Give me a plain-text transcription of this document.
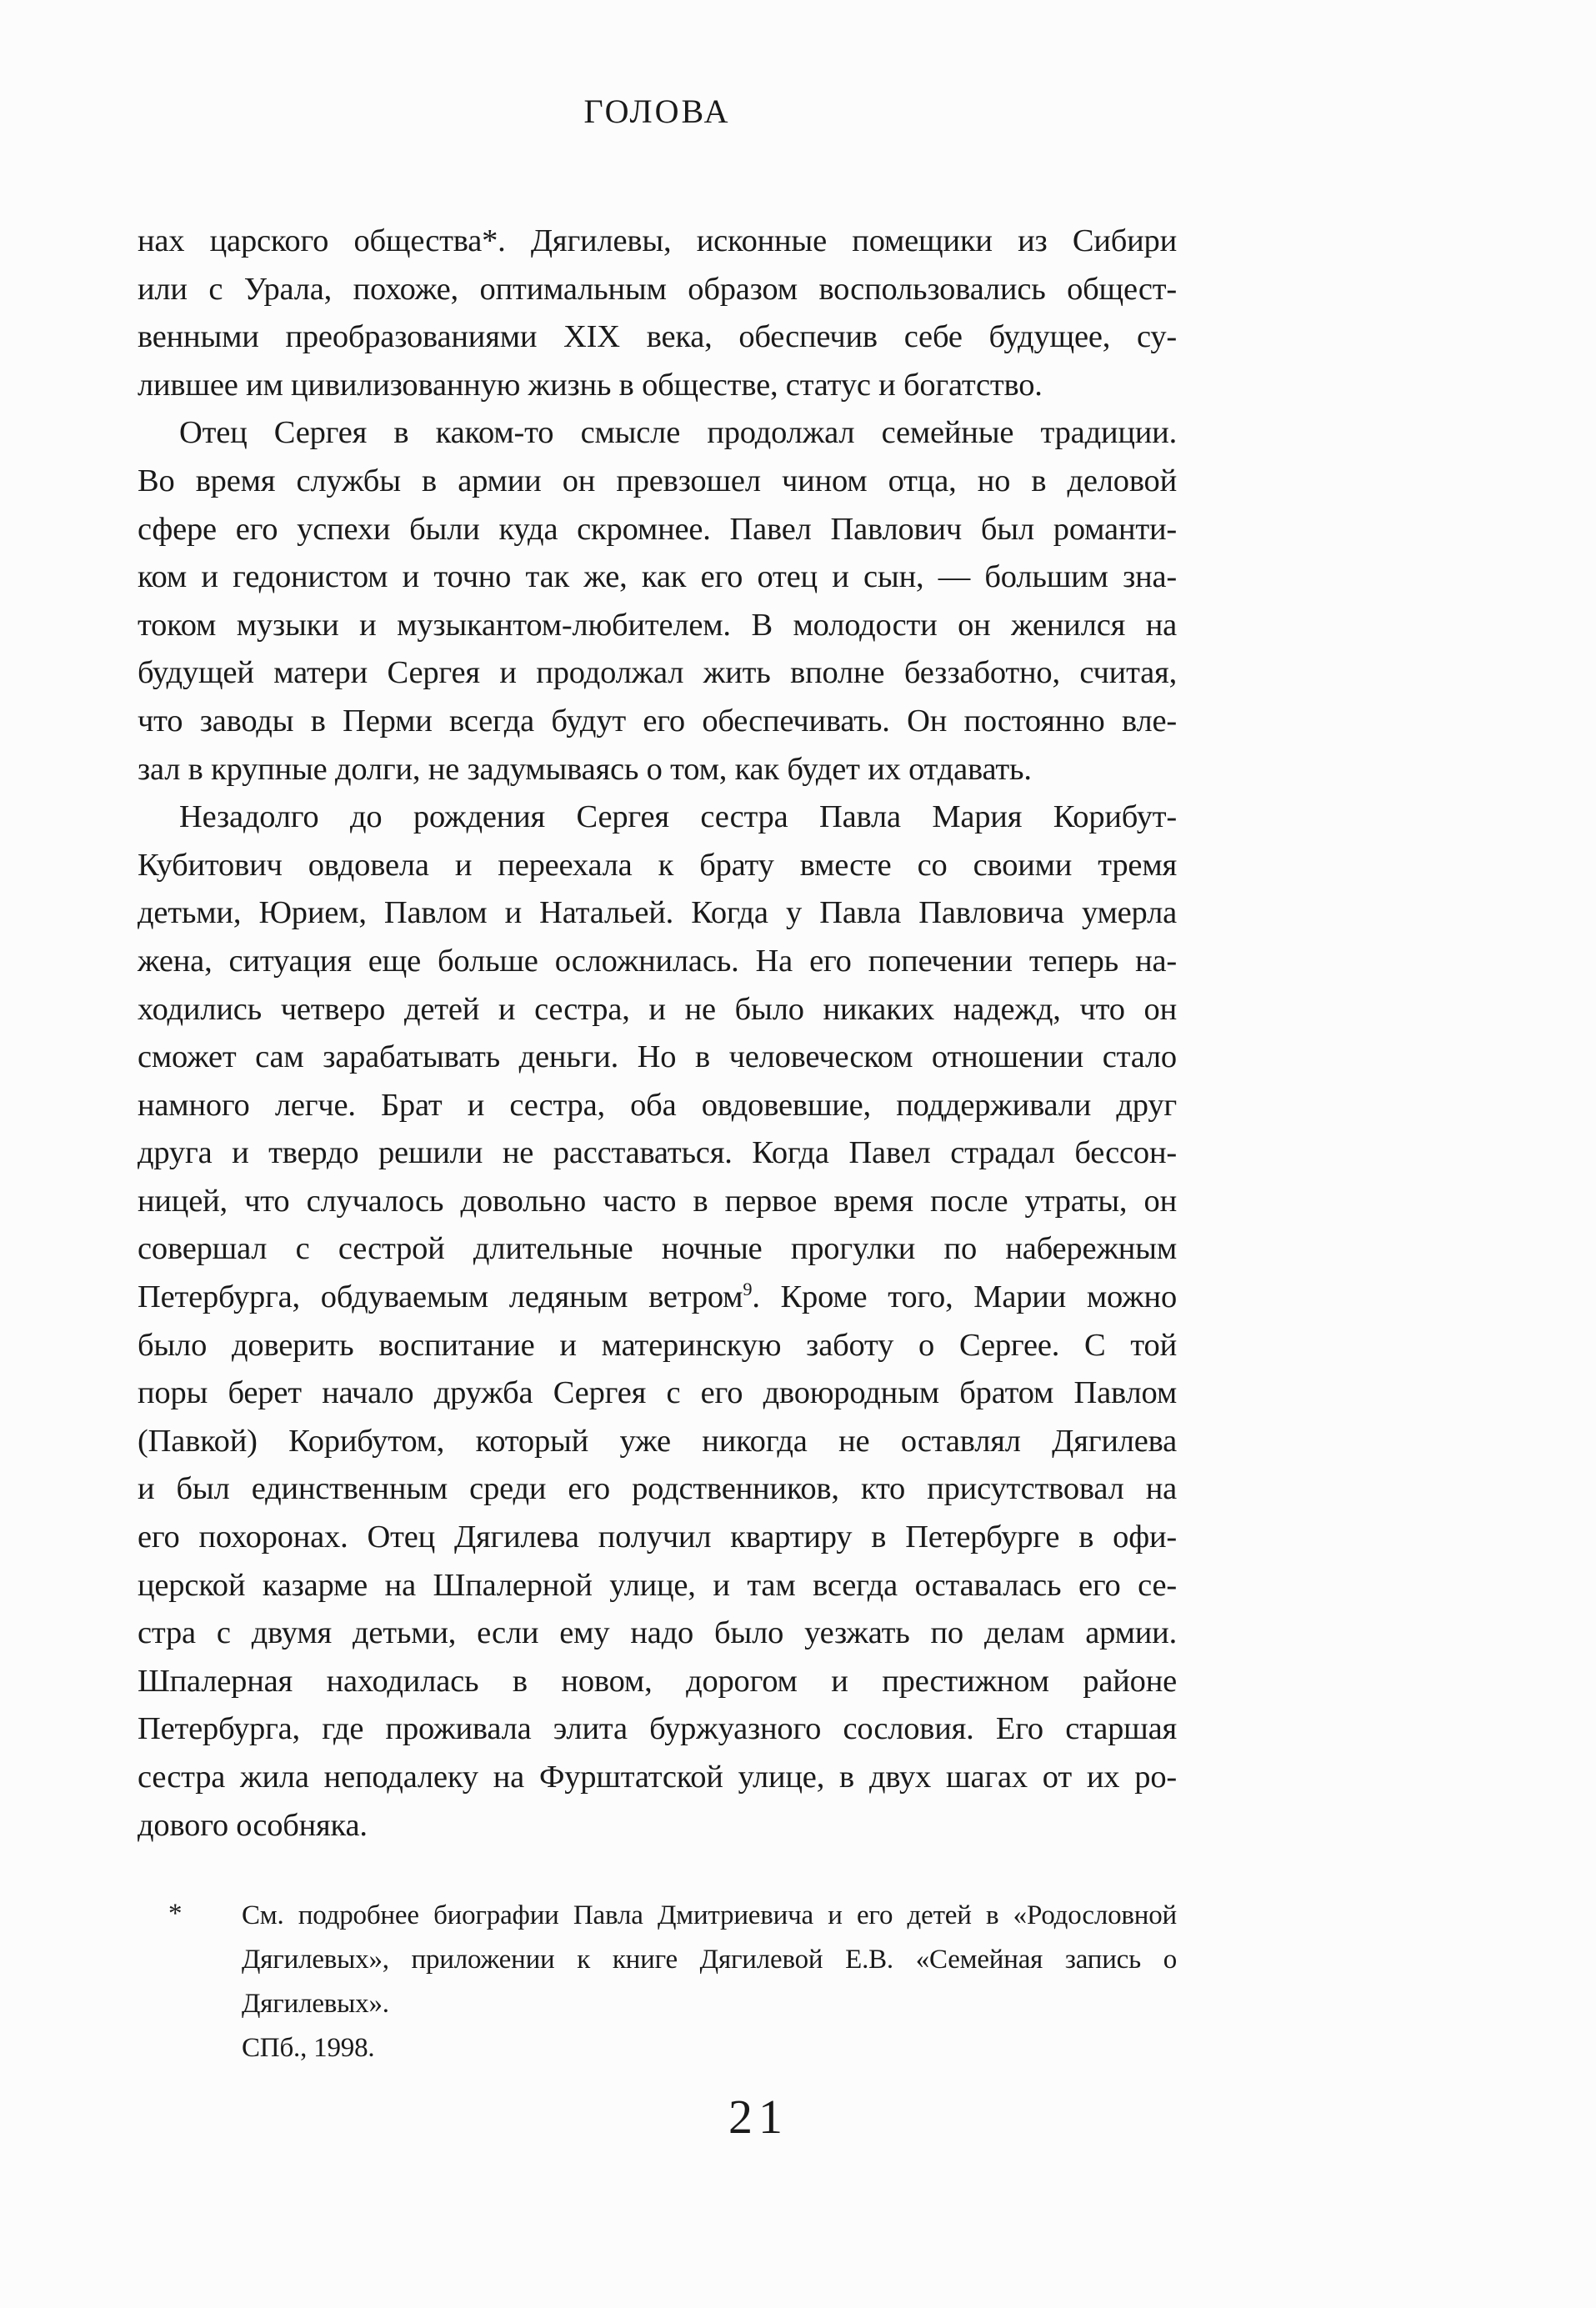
ГОЛОВА
нах царского общества*. Дягилевы, исконные помещики из Сибири
или с Урала, похоже, оптимальным образом воспользовались общест-
венными преобразованиями XIX века, обеспечив себе будущее, су-
лившее им цивилизованную жизнь в обществе, статус и богатство.
Отец Сергея в каком-то смысле продолжал семейные традиции.
Во время службы в армии он превзошел чином отца, но в деловой
сфере его успехи были куда скромнее. Павел Павлович был романти-
ком и гедонистом и точно так же, как его отец и сын, — большим зна-
током музыки и музыкантом-любителем. В молодости он женился на
будущей матери Сергея и продолжал жить вполне беззаботно, считая,
что заводы в Перми всегда будут его обеспечивать. Он постоянно вле-
зал в крупные долги, не задумываясь о том, как будет их отдавать.
Незадолго до рождения Сергея сестра Павла Мария Корибут-
Кубитович овдовела и переехала к брату вместе со своими тремя
детьми, Юрием, Павлом и Натальей. Когда у Павла Павловича умерла
жена, ситуация еще больше осложнилась. На его попечении теперь на-
ходились четверо детей и сестра, и не было никаких надежд, что он
сможет сам зарабатывать деньги. Но в человеческом отношении стало
намного легче. Брат и сестра, оба овдовевшие, поддерживали друг
друга и твердо решили не расставаться. Когда Павел страдал бессон-
ницей, что случалось довольно часто в первое время после утраты, он
совершал с сестрой длительные ночные прогулки по набережным
Петербурга, обдуваемым ледяным ветром$^9$. Кроме того, Марии можно
было доверить воспитание и материнскую заботу о Сергее. С той
поры берет начало дружба Сергея с его двоюродным братом Павлом
(Павкой) Корибутом, который уже никогда не оставлял Дягилева
и был единственным среди его родственников, кто присутствовал на
его похоронах. Отец Дягилева получил квартиру в Петербурге в офи-
церской казарме на Шпалерной улице, и там всегда оставалась его се-
стра с двумя детьми, если ему надо было уезжать по делам армии.
Шпалерная находилась в новом, дорогом и престижном районе
Петербурга, где проживала элита буржуазного сословия. Его старшая
сестра жила неподалеку на Фурштатской улице, в двух шагах от их ро-
дового особняка.
* См. подробнее биографии Павла Дмитриевича и его детей в «Родословной
Дягилевых», приложении к книге Дягилевой Е.В. «Семейная запись о Дягилевых».
СПб., 1998.
21
